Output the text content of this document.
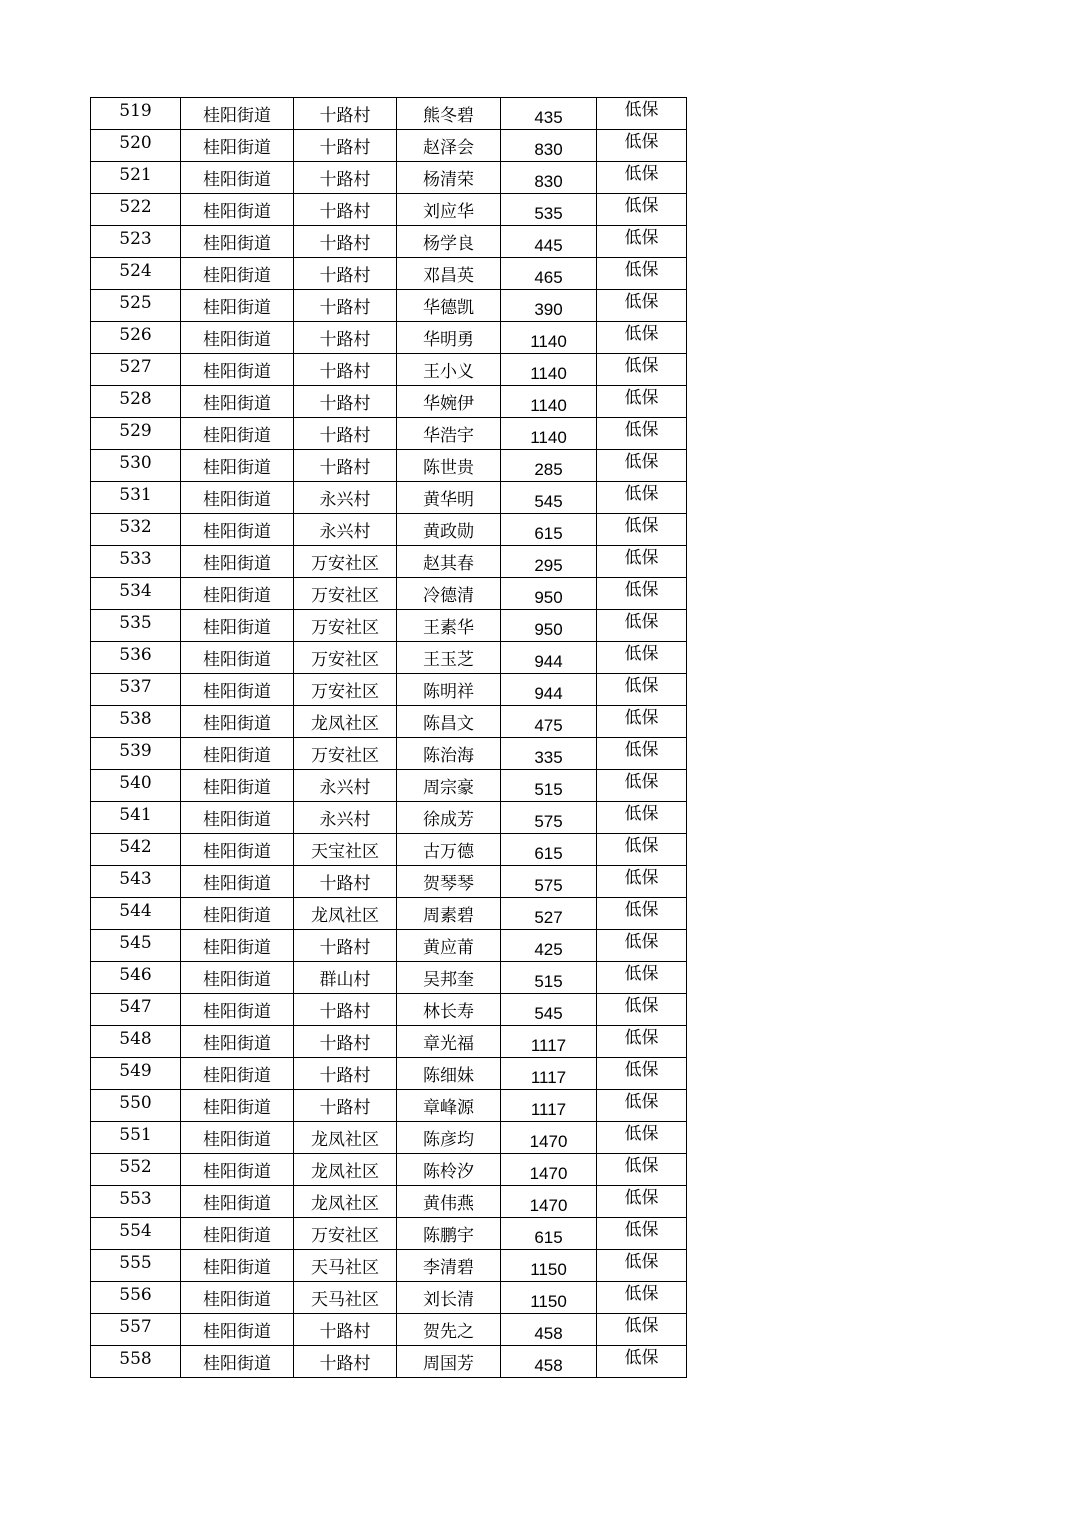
519	桂阳街道	十路村	熊冬碧	435	低保
520	桂阳街道	十路村	赵泽会	830	低保
521	桂阳街道	十路村	杨清荣	830	低保
522	桂阳街道	十路村	刘应华	535	低保
523	桂阳街道	十路村	杨学良	445	低保
524	桂阳街道	十路村	邓昌英	465	低保
525	桂阳街道	十路村	华德凯	390	低保
526	桂阳街道	十路村	华明勇	1140	低保
527	桂阳街道	十路村	王小义	1140	低保
528	桂阳街道	十路村	华婉伊	1140	低保
529	桂阳街道	十路村	华浩宇	1140	低保
530	桂阳街道	十路村	陈世贵	285	低保
531	桂阳街道	永兴村	黄华明	545	低保
532	桂阳街道	永兴村	黄政勋	615	低保
533	桂阳街道	万安社区	赵其春	295	低保
534	桂阳街道	万安社区	冷德清	950	低保
535	桂阳街道	万安社区	王素华	950	低保
536	桂阳街道	万安社区	王玉芝	944	低保
537	桂阳街道	万安社区	陈明祥	944	低保
538	桂阳街道	龙凤社区	陈昌文	475	低保
539	桂阳街道	万安社区	陈治海	335	低保
540	桂阳街道	永兴村	周宗豪	515	低保
541	桂阳街道	永兴村	徐成芳	575	低保
542	桂阳街道	天宝社区	古万德	615	低保
543	桂阳街道	十路村	贺琴琴	575	低保
544	桂阳街道	龙凤社区	周素碧	527	低保
545	桂阳街道	十路村	黄应莆	425	低保
546	桂阳街道	群山村	吴邦奎	515	低保
547	桂阳街道	十路村	林长寿	545	低保
548	桂阳街道	十路村	章光福	1117	低保
549	桂阳街道	十路村	陈细妹	1117	低保
550	桂阳街道	十路村	章峰源	1117	低保
551	桂阳街道	龙凤社区	陈彦均	1470	低保
552	桂阳街道	龙凤社区	陈柃汐	1470	低保
553	桂阳街道	龙凤社区	黄伟燕	1470	低保
554	桂阳街道	万安社区	陈鹏宇	615	低保
555	桂阳街道	天马社区	李清碧	1150	低保
556	桂阳街道	天马社区	刘长清	1150	低保
557	桂阳街道	十路村	贺先之	458	低保
558	桂阳街道	十路村	周国芳	458	低保
